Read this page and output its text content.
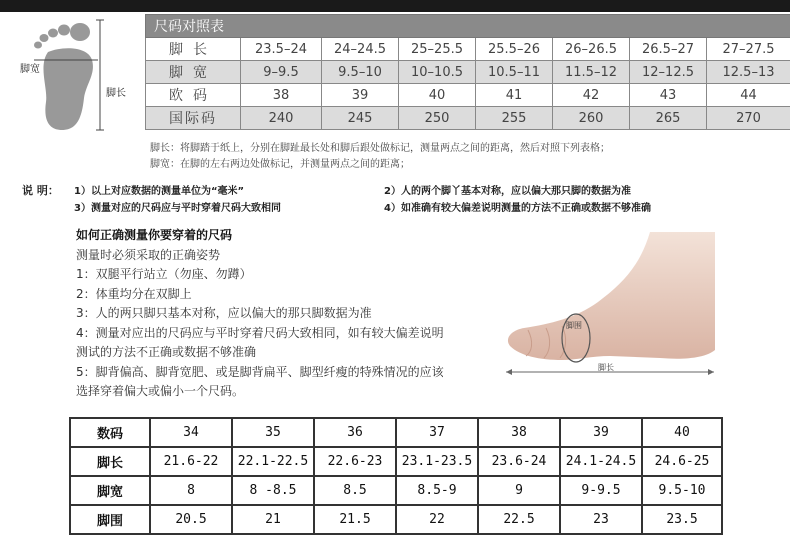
脚宽
脚长
尺码对照表							
脚长	23.5–24	24–24.5	25–25.5	25.5–26	26–26.5	26.5–27	27–27.5
脚宽	9–9.5	9.5–10	10–10.5	10.5–11	11.5–12	12–12.5	12.5–13
欧码	38	39	40	41	42	43	44
国际码	240	245	250	255	260	265	270
脚长：将脚踏于纸上，分别在脚趾最长处和脚后跟处做标记，测量两点之间的距离，然后对照下列表格；
脚宽：在脚的左右两边处做标记，并测量两点之间的距离；
说 明： 1）以上对应数据的测量单位为“毫米”	2）人的两个脚丫基本对称，应以偏大那只脚的数据为准
3）测量对应的尺码应与平时穿着尺码大致相同	4）如准确有较大偏差说明测量的方法不正确或数据不够准确
如何正确测量你要穿着的尺码
测量时必须采取的正确姿势
1：双腿平行站立（勿座、勿蹲）
2：体重均分在双脚上
3：人的两只脚只基本对称，应以偏大的那只脚数据为准
4：测量对应出的尺码应与平时穿着尺码大致相同，如有较大偏差说明
测试的方法不正确或数据不够准确
5：脚背偏高、脚背宽肥、或是脚背扁平、脚型纤瘦的特殊情况的应该
选择穿着偏大或偏小一个尺码。
脚围
脚长
数码	34	35	36	37	38	39	40
脚长	21.6-22	22.1-22.5	22.6-23	23.1-23.5	23.6-24	24.1-24.5	24.6-25
脚宽	8	8 -8.5	8.5	8.5-9	9	9-9.5	9.5-10
脚围	20.5	21	21.5	22	22.5	23	23.5
